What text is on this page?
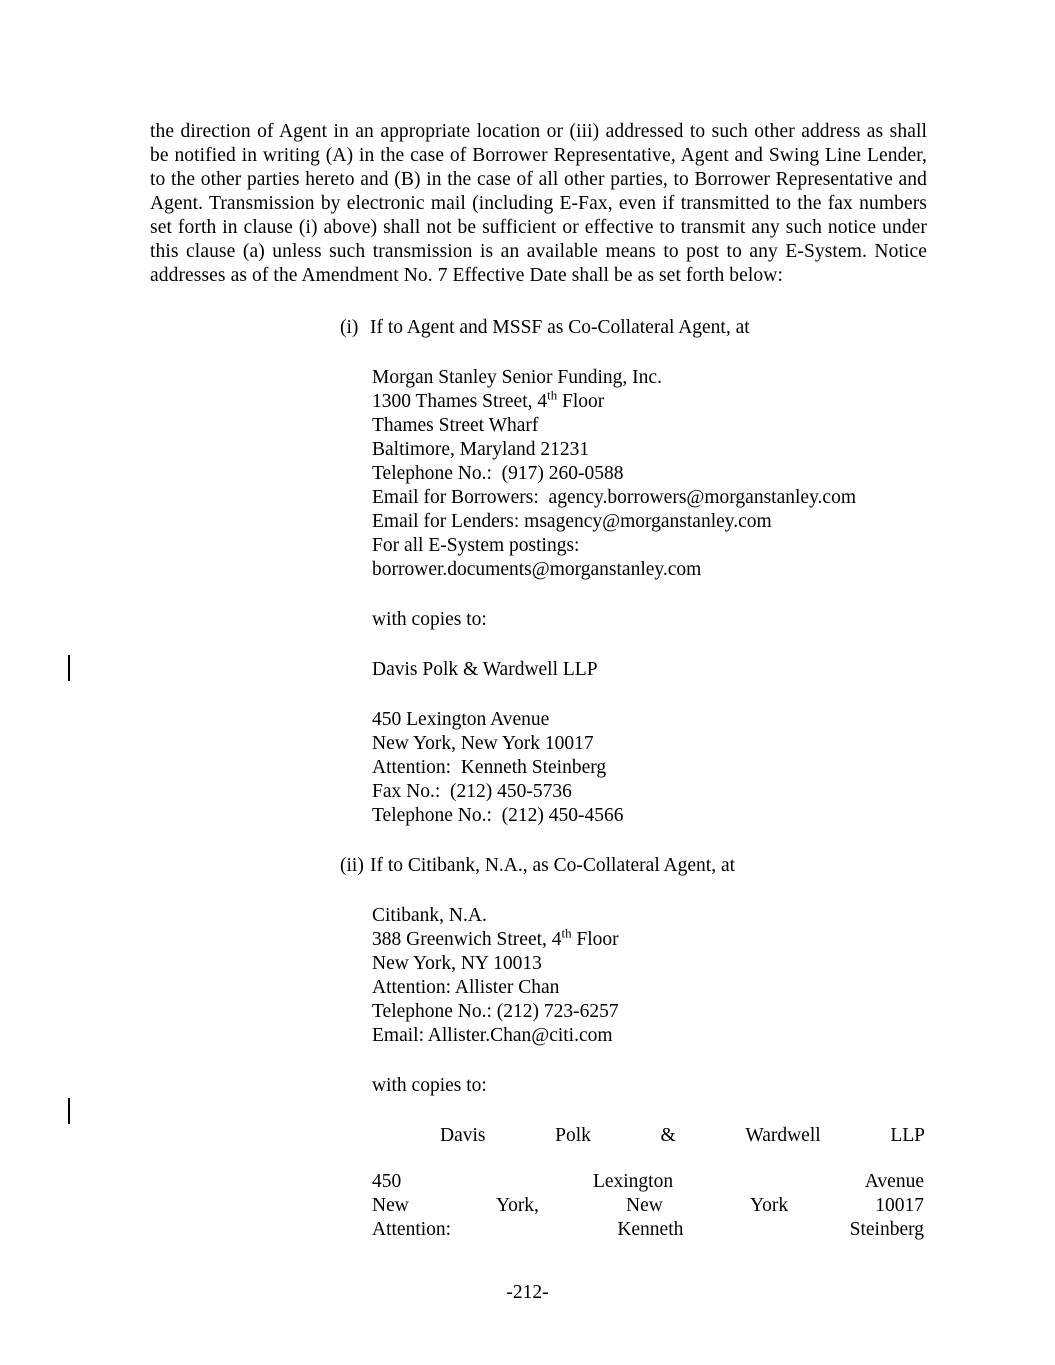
the direction of Agent in an appropriate location or (iii) addressed to such other address as shall be notified in writing (A) in the case of Borrower Representative, Agent and Swing Line Lender, to the other parties hereto and (B) in the case of all other parties, to Borrower Representative and Agent. Transmission by electronic mail (including E-Fax, even if transmitted to the fax numbers set forth in clause (i) above) shall not be sufficient or effective to transmit any such notice under this clause (a) unless such transmission is an available means to post to any E-System. Notice addresses as of the Amendment No. 7 Effective Date shall be as set forth below:

(i) If to Agent and MSSF as Co-Collateral Agent, at
Morgan Stanley Senior Funding, Inc.
1300 Thames Street, 4th Floor
Thames Street Wharf
Baltimore, Maryland 21231
Telephone No.:  (917) 260-0588
Email for Borrowers:  agency.borrowers@morganstanley.com
Email for Lenders: msagency@morganstanley.com
For all E-System postings:
borrower.documents@morganstanley.com
with copies to:
Davis Polk & Wardwell LLP
450 Lexington Avenue
New York, New York 10017
Attention:  Kenneth Steinberg
Fax No.:  (212) 450-5736
Telephone No.:  (212) 450-4566
(ii) If to Citibank, N.A., as Co-Collateral Agent, at
Citibank, N.A.
388 Greenwich Street, 4th Floor
New York, NY 10013
Attention: Allister Chan
Telephone No.: (212) 723-6257
Email: Allister.Chan@citi.com
with copies to:
Davis	Polk	&	Wardwell	LLP
450	Lexington	Avenue
New	York,	New	York	10017
Attention:	Kenneth	Steinberg
-212-
